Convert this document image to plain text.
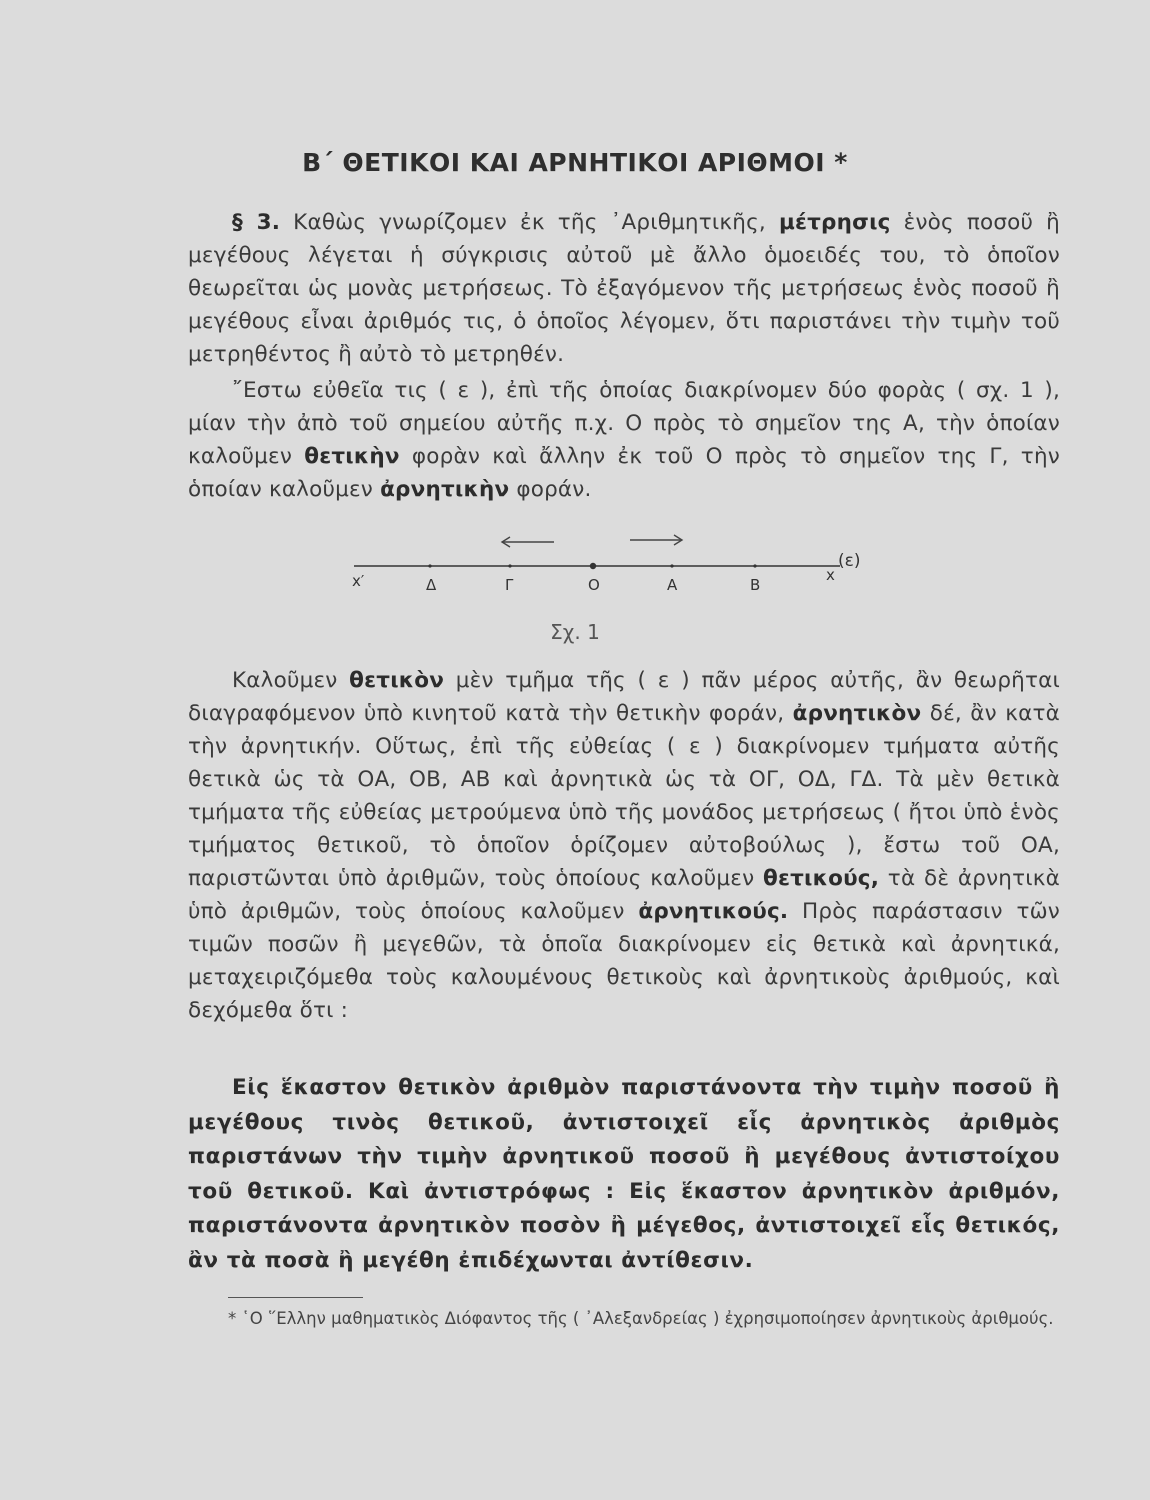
Β΄ ΘΕΤΙΚΟΙ ΚΑΙ ΑΡΝΗΤΙΚΟΙ ΑΡΙΘΜΟΙ *
§ 3. Καθὼς γνωρίζομεν ἐκ τῆς ᾿Αριθμητικῆς, μέτρησις ἑνὸς ποσοῦ ἢ μεγέθους λέγεται ἡ σύγκρισις αὐτοῦ μὲ ἄλλο ὁμοειδές του, τὸ ὁποῖον θεωρεῖται ὡς μονὰς μετρήσεως. Τὸ ἐξαγόμενον τῆς μετρήσεως ἑνὸς ποσοῦ ἢ μεγέθους εἶναι ἀριθμός τις, ὁ ὁποῖος λέγομεν, ὅτι παριστάνει τὴν τιμὴν τοῦ μετρηθέντος ἢ αὐτὸ τὸ μετρηθέν.
῎Εστω εὐθεῖα τις ( ε ), ἐπὶ τῆς ὁποίας διακρίνομεν δύο φορὰς ( σχ. 1 ), μίαν τὴν ἀπὸ τοῦ σημείου αὐτῆς π.χ. Ο πρὸς τὸ σημεῖον της Α, τὴν ὁποίαν καλοῦμεν θετικὴν φορὰν καὶ ἄλλην ἐκ τοῦ Ο πρὸς τὸ σημεῖον της Γ, τὴν ὁποίαν καλοῦμεν ἀρνητικὴν φοράν.
x′	Δ	Γ	Ο	Α	Β
x
(ε)
Σχ. 1
Καλοῦμεν θετικὸν μὲν τμῆμα τῆς ( ε ) πᾶν μέρος αὐτῆς, ἂν θεωρῆται διαγραφόμενον ὑπὸ κινητοῦ κατὰ τὴν θετικὴν φοράν, ἀρνητικὸν δέ, ἂν κατὰ τὴν ἀρνητικήν. Οὕτως, ἐπὶ τῆς εὐθείας ( ε ) διακρίνομεν τμήματα αὐτῆς θετικὰ ὡς τὰ ΟΑ, ΟΒ, ΑΒ καὶ ἀρνητικὰ ὡς τὰ ΟΓ, ΟΔ, ΓΔ. Τὰ μὲν θετικὰ τμήματα τῆς εὐθείας μετρούμενα ὑπὸ τῆς μονάδος μετρήσεως ( ἤτοι ὑπὸ ἑνὸς τμήματος θετικοῦ, τὸ ὁποῖον ὁρίζομεν αὐτοβούλως ), ἔστω τοῦ ΟΑ, παριστῶνται ὑπὸ ἀριθμῶν, τοὺς ὁποίους καλοῦμεν θετικούς, τὰ δὲ ἀρνητικὰ ὑπὸ ἀριθμῶν, τοὺς ὁποίους καλοῦμεν ἀρνητικούς. Πρὸς παράστασιν τῶν τιμῶν ποσῶν ἢ μεγεθῶν, τὰ ὁποῖα διακρίνομεν εἰς θετικὰ καὶ ἀρνητικά, μεταχειριζόμεθα τοὺς καλουμένους θετικοὺς καὶ ἀρνητικοὺς ἀριθμούς, καὶ δεχόμεθα ὅτι :
Εἰς ἕκαστον θετικὸν ἀριθμὸν παριστάνοντα τὴν τιμὴν ποσοῦ ἢ μεγέθους τινὸς θετικοῦ, ἀντιστοιχεῖ εἷς ἀρνητικὸς ἀριθμὸς παριστάνων τὴν τιμὴν ἀρνητικοῦ ποσοῦ ἢ μεγέθους ἀντιστοίχου τοῦ θετικοῦ. Καὶ ἀντιστρόφως : Εἰς ἕκαστον ἀρνητικὸν ἀριθμόν, παριστάνοντα ἀρνητικὸν ποσὸν ἢ μέγεθος, ἀντιστοιχεῖ εἷς θετικός, ἂν τὰ ποσὰ ἢ μεγέθη ἐπιδέχωνται ἀντίθεσιν.
* ῾Ο ῞Ελλην μαθηματικὸς Διόφαντος τῆς ( ᾿Αλεξανδρείας ) ἐχρησιμοποίησεν ἀρνητικοὺς ἀριθμούς.
